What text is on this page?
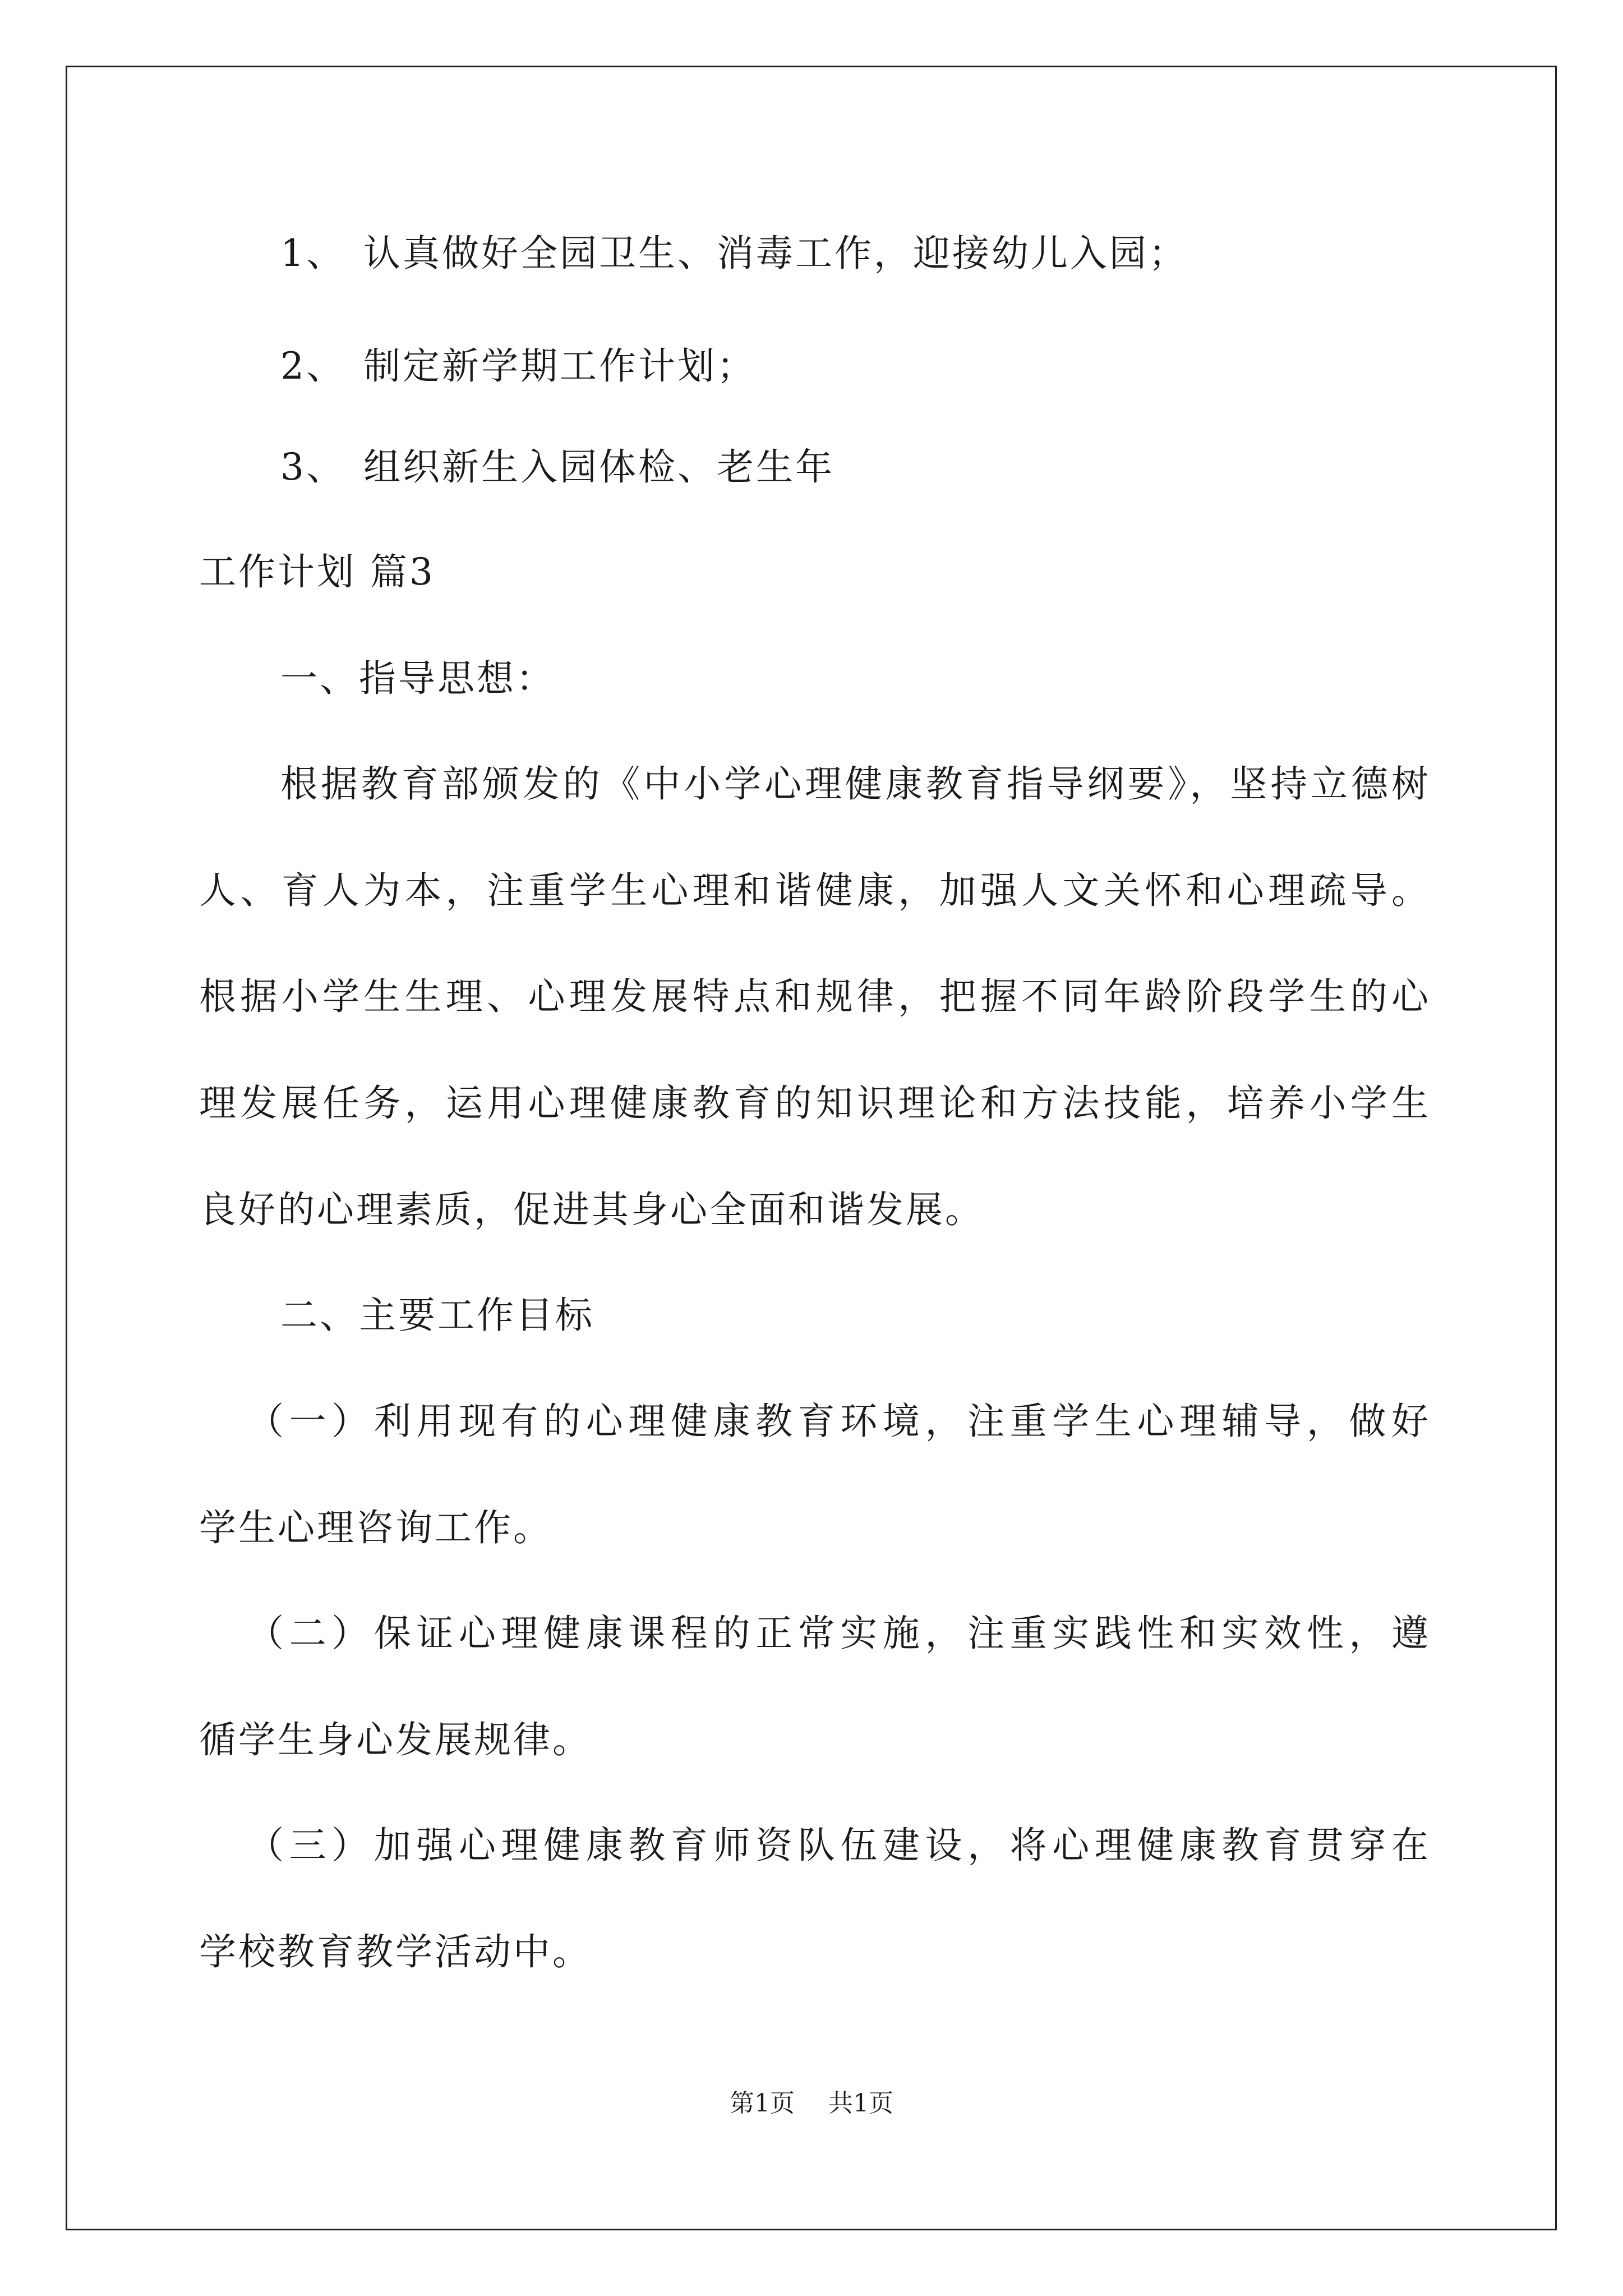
1、 认真做好全园卫生、消毒工作，迎接幼儿入园；
2、 制定新学期工作计划；
3、 组织新生入园体检、老生年
工作计划 篇3
一、指导思想：
根据教育部颁发的《中小学心理健康教育指导纲要》，坚持立德树
人、育人为本，注重学生心理和谐健康，加强人文关怀和心理疏导。
根据小学生生理、心理发展特点和规律，把握不同年龄阶段学生的心
理发展任务，运用心理健康教育的知识理论和方法技能，培养小学生
良好的心理素质，促进其身心全面和谐发展。
二、主要工作目标
（一）利用现有的心理健康教育环境，注重学生心理辅导，做好
学生心理咨询工作。
（二）保证心理健康课程的正常实施，注重实践性和实效性，遵
循学生身心发展规律。
（三）加强心理健康教育师资队伍建设，将心理健康教育贯穿在
学校教育教学活动中。
第1页 共1页
